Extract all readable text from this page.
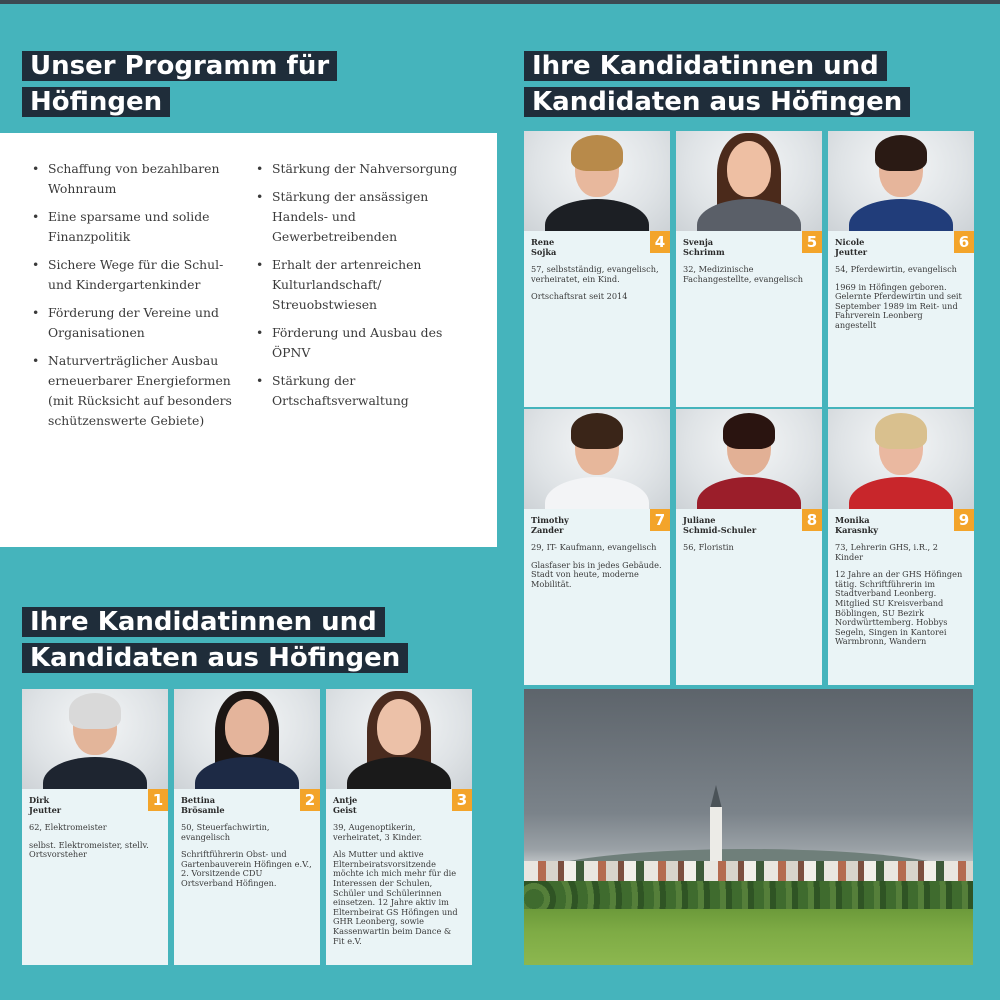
Unser Programm für
Höfingen
Ihre Kandidatinnen und
Kandidaten aus Höfingen
Ihre Kandidatinnen und
Kandidaten aus Höfingen
• Schaffung von bezahlbaren Wohnraum
• Eine sparsame und solide Finanzpolitik
• Sichere Wege für die Schul- und Kindergartenkinder
• Förderung der Vereine und Organisationen
• Naturverträglicher Ausbau erneuerbarer Energieformen (mit Rücksicht auf besonders schützenswerte Gebiete)
• Stärkung der Nahversorgung
• Stärkung der ansässigen Handels- und Gewerbetreibenden
• Erhalt der artenreichen Kulturlandschaft/ Streuobstwiesen
• Förderung und Ausbau des ÖPNV
• Stärkung der Ortschaftsverwaltung
1
Dirk
Jeutter

62, Elektromeister

selbst. Elektromeister, stellv. Ortsvorsteher

2
Bettina
Brösamle

50, Steuerfachwirtin, evangelisch

Schriftführerin Obst- und Gartenbauverein Höfingen e.V., 2. Vorsitzende CDU Ortsverband Höfingen.

3
Antje
Geist

39, Augenoptikerin, verheiratet, 3 Kinder.

Als Mutter und aktive Elternbeiratsvorsitzende möchte ich mich mehr für die Interessen der Schulen, Schüler und Schülerinnen einsetzen. 12 Jahre aktiv im Elternbeirat GS Höfingen und GHR Leonberg, sowie Kassenwartin beim Dance & Fit e.V.

4
Rene
Sojka

57, selbstständig, evangelisch, verheiratet, ein Kind.

Ortschaftsrat seit 2014

5
Svenja
Schrimm

32, Medizinische Fachangestellte, evangelisch

6
Nicole
Jeutter

54, Pferdewirtin, evangelisch

1969 in Höfingen geboren. Gelernte Pferdewirtin und seit September 1989 im Reit- und Fahrverein Leonberg angestellt

7
Timothy
Zander

29, IT- Kaufmann, evangelisch

Glasfaser bis in jedes Gebäude. Stadt von heute, moderne Mobilität.

8
Juliane
Schmid-Schuler

56, Floristin

9
Monika
Karasnky

73, Lehrerin GHS, i.R., 2 Kinder

12 Jahre an der GHS Höfingen tätig. Schriftführerin im Stadtverband Leonberg. Mitglied SU Kreisverband Böblingen, SU Bezirk Nordwürttemberg. Hobbys Segeln, Singen in Kantorei Warmbronn, Wandern
